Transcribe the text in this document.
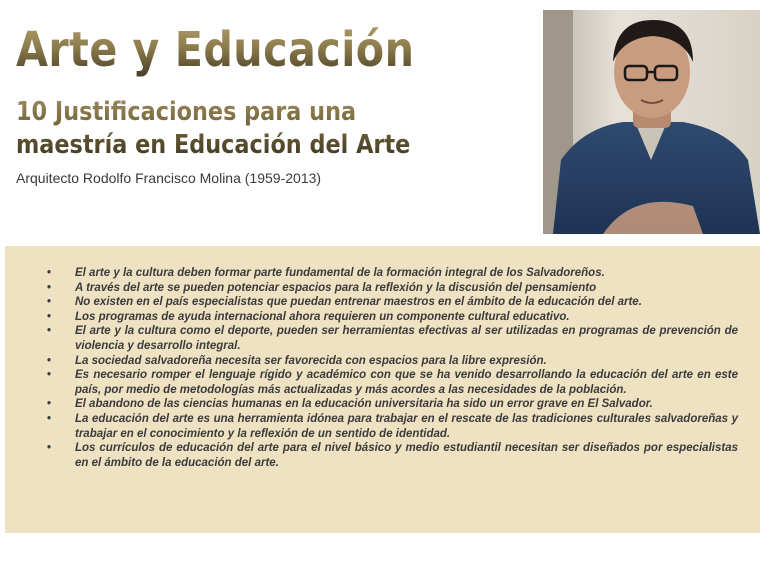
Arte y Educación
10 Justificaciones para una maestría en Educación del Arte

Arquitecto Rodolfo Francisco Molina (1959-2013)

• El arte y la cultura deben formar parte fundamental de la formación integral de los Salvadoreños.
• A través del arte se pueden potenciar espacios para la reflexión y la discusión del pensamiento
• No existen en el país especialistas que puedan entrenar maestros en el ámbito de la educación del arte.
• Los programas de ayuda internacional ahora requieren un componente cultural educativo.
• El arte y la cultura como el deporte, pueden ser herramientas efectivas al ser utilizadas en programas de prevención de violencia y desarrollo integral.
• La sociedad salvadoreña necesita ser favorecida con espacios para la libre expresión.
• Es necesario romper el lenguaje rígido y académico con que se ha venido desarrollando la educación del arte en este país, por medio de metodologías más actualizadas y más acordes a las necesidades de la población.
• El abandono de las ciencias humanas en la educación universitaria ha sido un error grave en El Salvador.
• La educación del arte es una herramienta idónea para trabajar en el rescate de las tradiciones culturales salvadoreñas y trabajar en el conocimiento y la reflexión de un sentido de identidad.
• Los currículos de educación del arte para el nivel básico y medio estudiantil necesitan ser diseñados por especialistas en el ámbito de la educación del arte.
